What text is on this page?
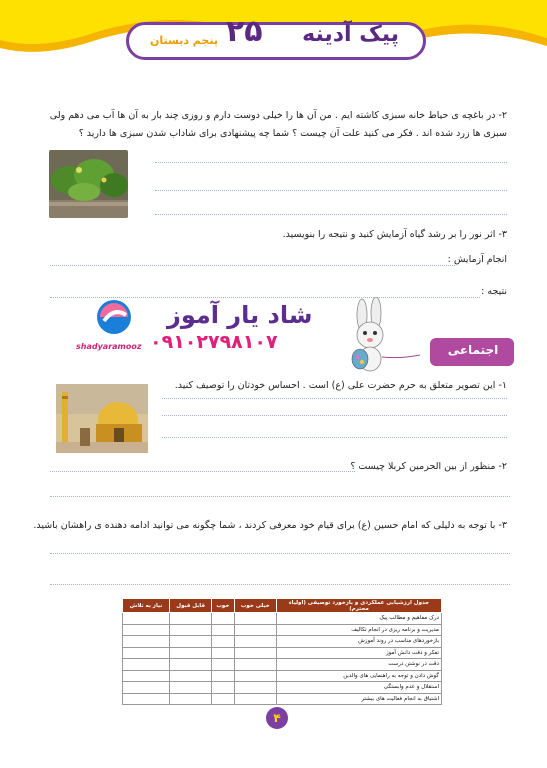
پیک آدینه
۲۵
پنجم دبستان
۲- در باغچه ی حیاط خانه سبزی کاشته ایم . من آن ها را خیلی دوست دارم و روزی چند بار به آن ها آب می دهم ولی
سبزی ها زرد شده اند . فکر می کنید علت آن چیست ؟ شما چه پیشنهادی برای شاداب شدن سبزی ها دارید ؟
۳- اثر نور را بر رشد گیاه آزمایش کنید و نتیجه را بنویسید.
انجام آزمایش :
نتیجه :
شاد یار آموز
۰۹۱۰۲۷۹۸۱۰۷
shadyaramooz	اجتماعی
۱- این تصویر متعلق به حرم حضرت علی (ع) است . احساس خودتان را توصیف کنید.
۲- منظور از بین الحرمین کربلا چیست ؟
۳- با توجه به دلیلی که امام حسین (ع) برای قیام خود معرفی کردند ، شما چگونه می توانید ادامه دهنده ی راهشان باشید.
جدول ارزشیابی عملکردی و بازخورد توصیفی (اولیاء محترم)	خیلی خوب	خوب	قابل قبول	نیاز به تلاش
درک مفاهیم و مطالب پیک				
مدیریت و برنامه ریزی در انجام تکالیف				
بازخوردهای مناسب در روند آموزش				
تفکر و دقت دانش آموز				
دقت در نوشتن درست				
گوش دادن و توجه به راهنمایی های والدین				
استقلال و عدم وابستگی				
اشتیاق به انجام فعالیت های بیشتر				
۴
